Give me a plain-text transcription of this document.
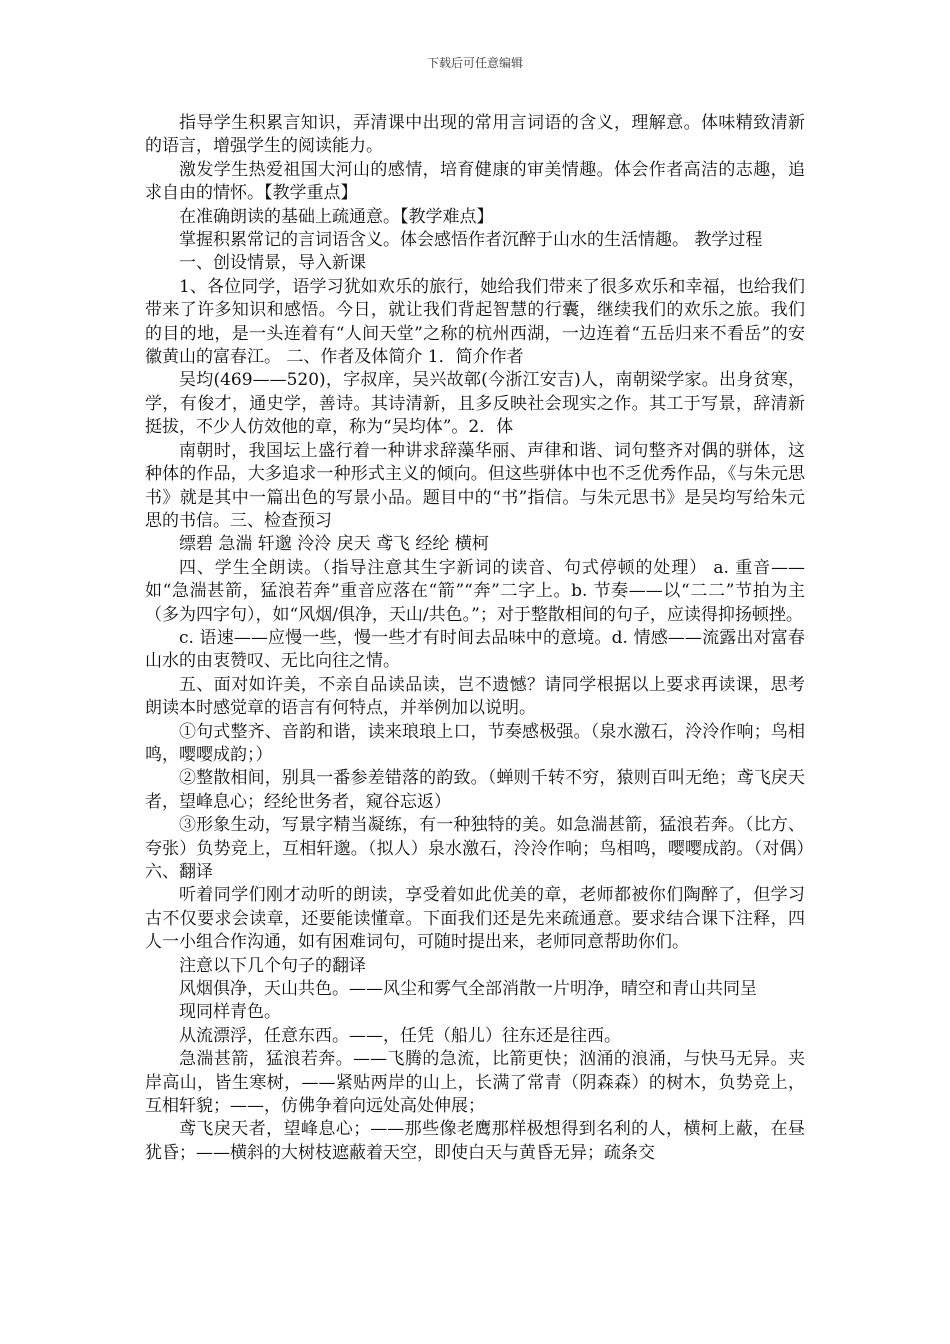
下载后可任意编辑

指导学生积累言知识，弄清课中出现的常用言词语的含义，理解意。体味精致清新的语言，增强学生的阅读能力。

激发学生热爱祖国大河山的感情，培育健康的审美情趣。体会作者高洁的志趣，追求自由的情怀。【教学重点】

在准确朗读的基础上疏通意。【教学难点】

掌握积累常记的言词语含义。体会感悟作者沉醉于山水的生活情趣。 教学过程

一、创设情景，导入新课

1、各位同学，语学习犹如欢乐的旅行，她给我们带来了很多欢乐和幸福，也给我们带来了许多知识和感悟。今日，就让我们背起智慧的行囊，继续我们的欢乐之旅。我们的目的地，是一头连着有“人间天堂”之称的杭州西湖，一边连着“五岳归来不看岳”的安徽黄山的富春江。 二、作者及体简介 1．简介作者

吴均(469——520)，字叔庠，吴兴故鄣(今浙江安吉)人，南朝梁学家。出身贫寒，学，有俊才，通史学，善诗。其诗清新，且多反映社会现实之作。其工于写景，辞清新挺拔，不少人仿效他的章，称为“吴均体”。2．体

南朝时，我国坛上盛行着一种讲求辞藻华丽、声律和谐、词句整齐对偶的骈体，这种体的作品，大多追求一种形式主义的倾向。但这些骈体中也不乏优秀作品，《与朱元思书》就是其中一篇出色的写景小品。题目中的“书”指信。与朱元思书》是吴均写给朱元思的书信。三、检查预习

缥碧 急湍 轩邈 泠泠 戾天 鸢飞 经纶 横柯

四、学生全朗读。（指导注意其生字新词的读音、句式停顿的处理） a. 重音——如“急湍甚箭，猛浪若奔”重音应落在“箭”“奔”二字上。b. 节奏——以“二二”节拍为主（多为四字句），如“风烟/俱净，天山/共色。”；对于整散相间的句子，应读得抑扬顿挫。

c. 语速——应慢一些，慢一些才有时间去品味中的意境。d. 情感——流露出对富春山水的由衷赞叹、无比向往之情。

五、面对如许美，不亲自品读品读，岂不遗憾？请同学根据以上要求再读课，思考朗读本时感觉章的语言有何特点，并举例加以说明。

①句式整齐、音韵和谐，读来琅琅上口，节奏感极强。（泉水激石，泠泠作响；鸟相鸣，嘤嘤成韵；）

②整散相间，别具一番参差错落的韵致。（蝉则千转不穷，猿则百叫无绝；鸢飞戾天者，望峰息心；经纶世务者，窥谷忘返）

③形象生动，写景字精当凝练，有一种独特的美。如急湍甚箭，猛浪若奔。（比方、夸张）负势竞上，互相轩邈。（拟人）泉水激石，泠泠作响；鸟相鸣，嘤嘤成韵。（对偶）六、翻译

听着同学们刚才动听的朗读，享受着如此优美的章，老师都被你们陶醉了，但学习古不仅要求会读章，还要能读懂章。下面我们还是先来疏通意。要求结合课下注释，四人一小组合作沟通，如有困难词句，可随时提出来，老师同意帮助你们。

注意以下几个句子的翻译

风烟俱净，天山共色。——风尘和雾气全部消散一片明净，晴空和青山共同呈

现同样青色。

从流漂浮，任意东西。——，任凭（船儿）往东还是往西。

急湍甚箭，猛浪若奔。——飞腾的急流，比箭更快；汹涌的浪涌，与快马无异。夹岸高山，皆生寒树，——紧贴两岸的山上，长满了常青（阴森森）的树木，负势竞上，互相轩貌；——，仿佛争着向远处高处伸展；

鸢飞戾天者，望峰息心；——那些像老鹰那样极想得到名利的人，横柯上蔽，在昼犹昏；——横斜的大树枝遮蔽着天空，即使白天与黄昏无异；疏条交
